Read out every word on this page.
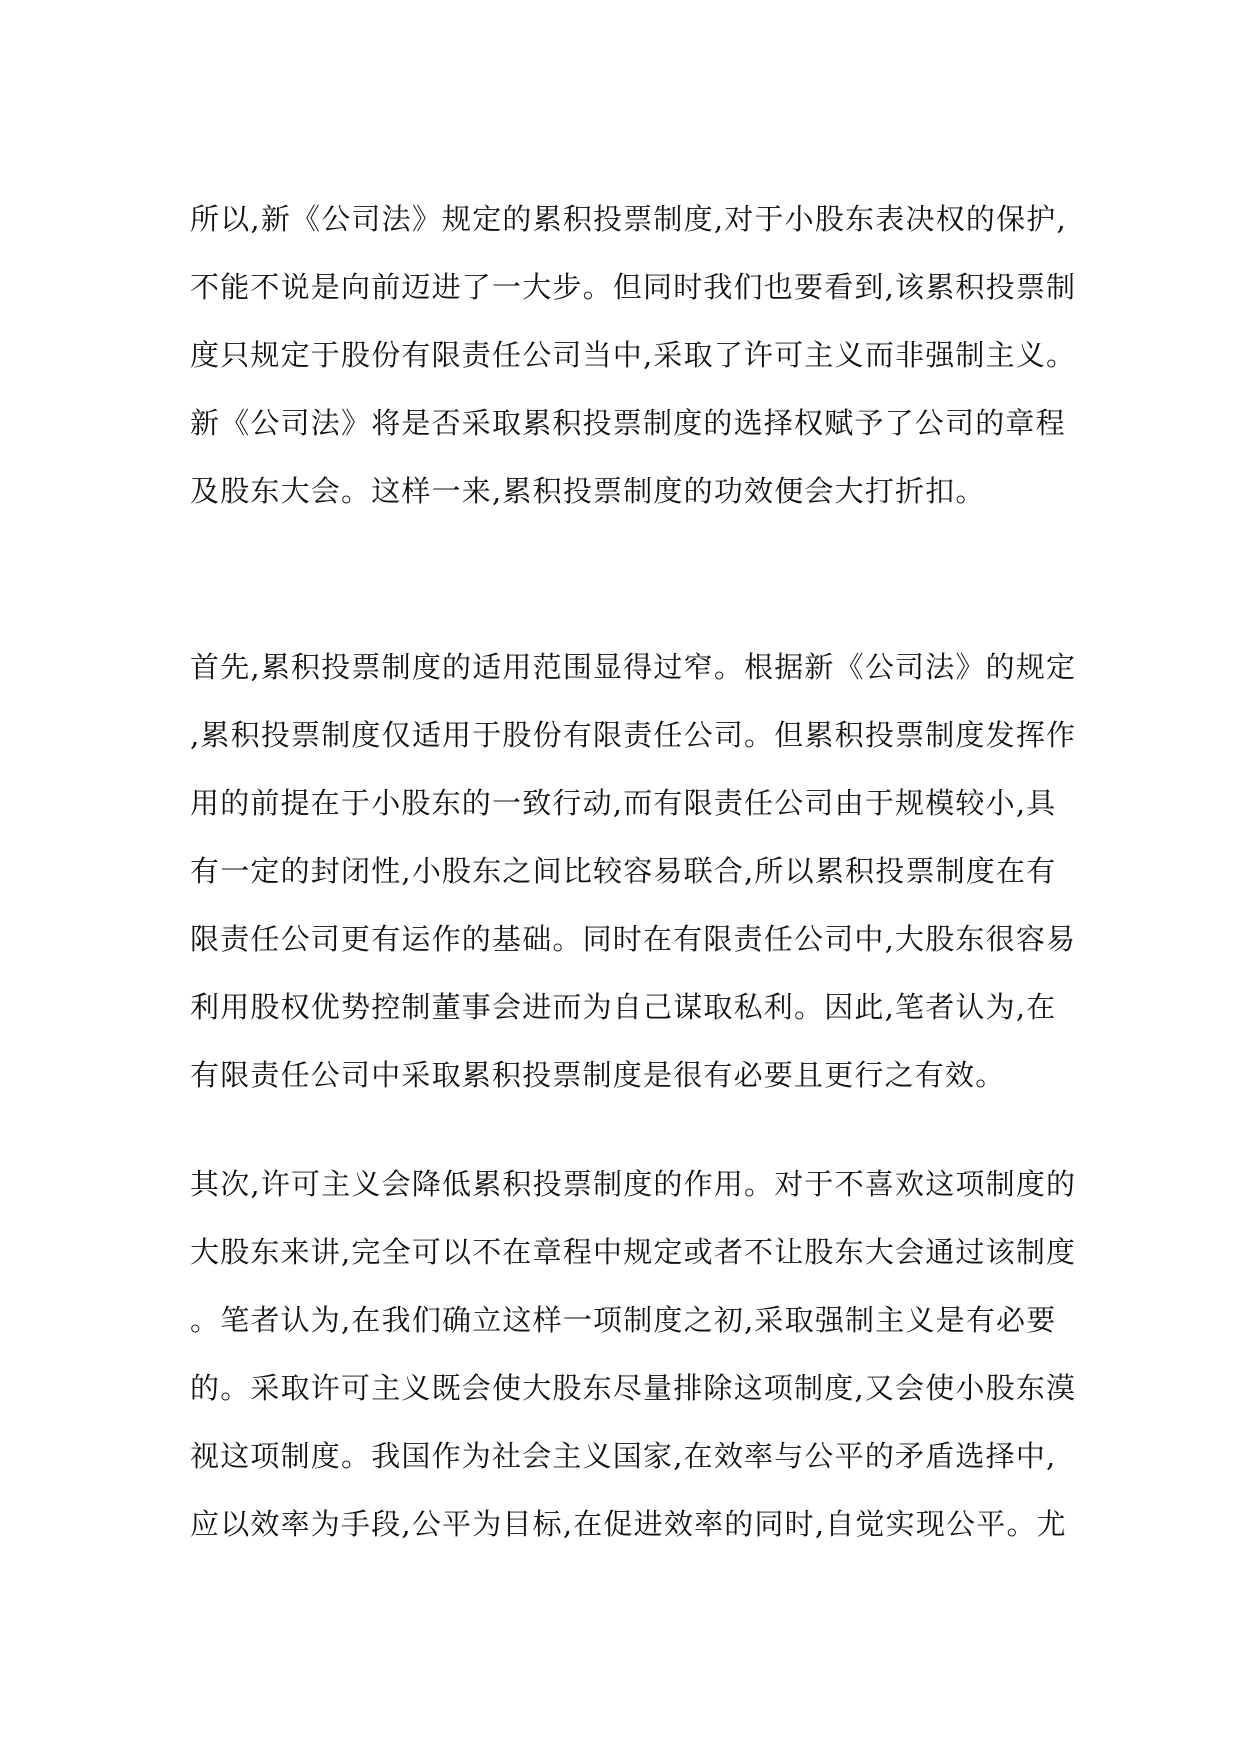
所以,新《公司法》规定的累积投票制度,对于小股东表决权的保护,
不能不说是向前迈进了一大步。但同时我们也要看到,该累积投票制
度只规定于股份有限责任公司当中,采取了许可主义而非强制主义。
新《公司法》将是否采取累积投票制度的选择权赋予了公司的章程
及股东大会。这样一来,累积投票制度的功效便会大打折扣。
首先,累积投票制度的适用范围显得过窄。根据新《公司法》的规定
,累积投票制度仅适用于股份有限责任公司。但累积投票制度发挥作
用的前提在于小股东的一致行动,而有限责任公司由于规模较小,具
有一定的封闭性,小股东之间比较容易联合,所以累积投票制度在有
限责任公司更有运作的基础。同时在有限责任公司中,大股东很容易
利用股权优势控制董事会进而为自己谋取私利。因此,笔者认为,在
有限责任公司中采取累积投票制度是很有必要且更行之有效。
其次,许可主义会降低累积投票制度的作用。对于不喜欢这项制度的
大股东来讲,完全可以不在章程中规定或者不让股东大会通过该制度
。笔者认为,在我们确立这样一项制度之初,采取强制主义是有必要
的。采取许可主义既会使大股东尽量排除这项制度,又会使小股东漠
视这项制度。我国作为社会主义国家,在效率与公平的矛盾选择中,
应以效率为手段,公平为目标,在促进效率的同时,自觉实现公平。尤
